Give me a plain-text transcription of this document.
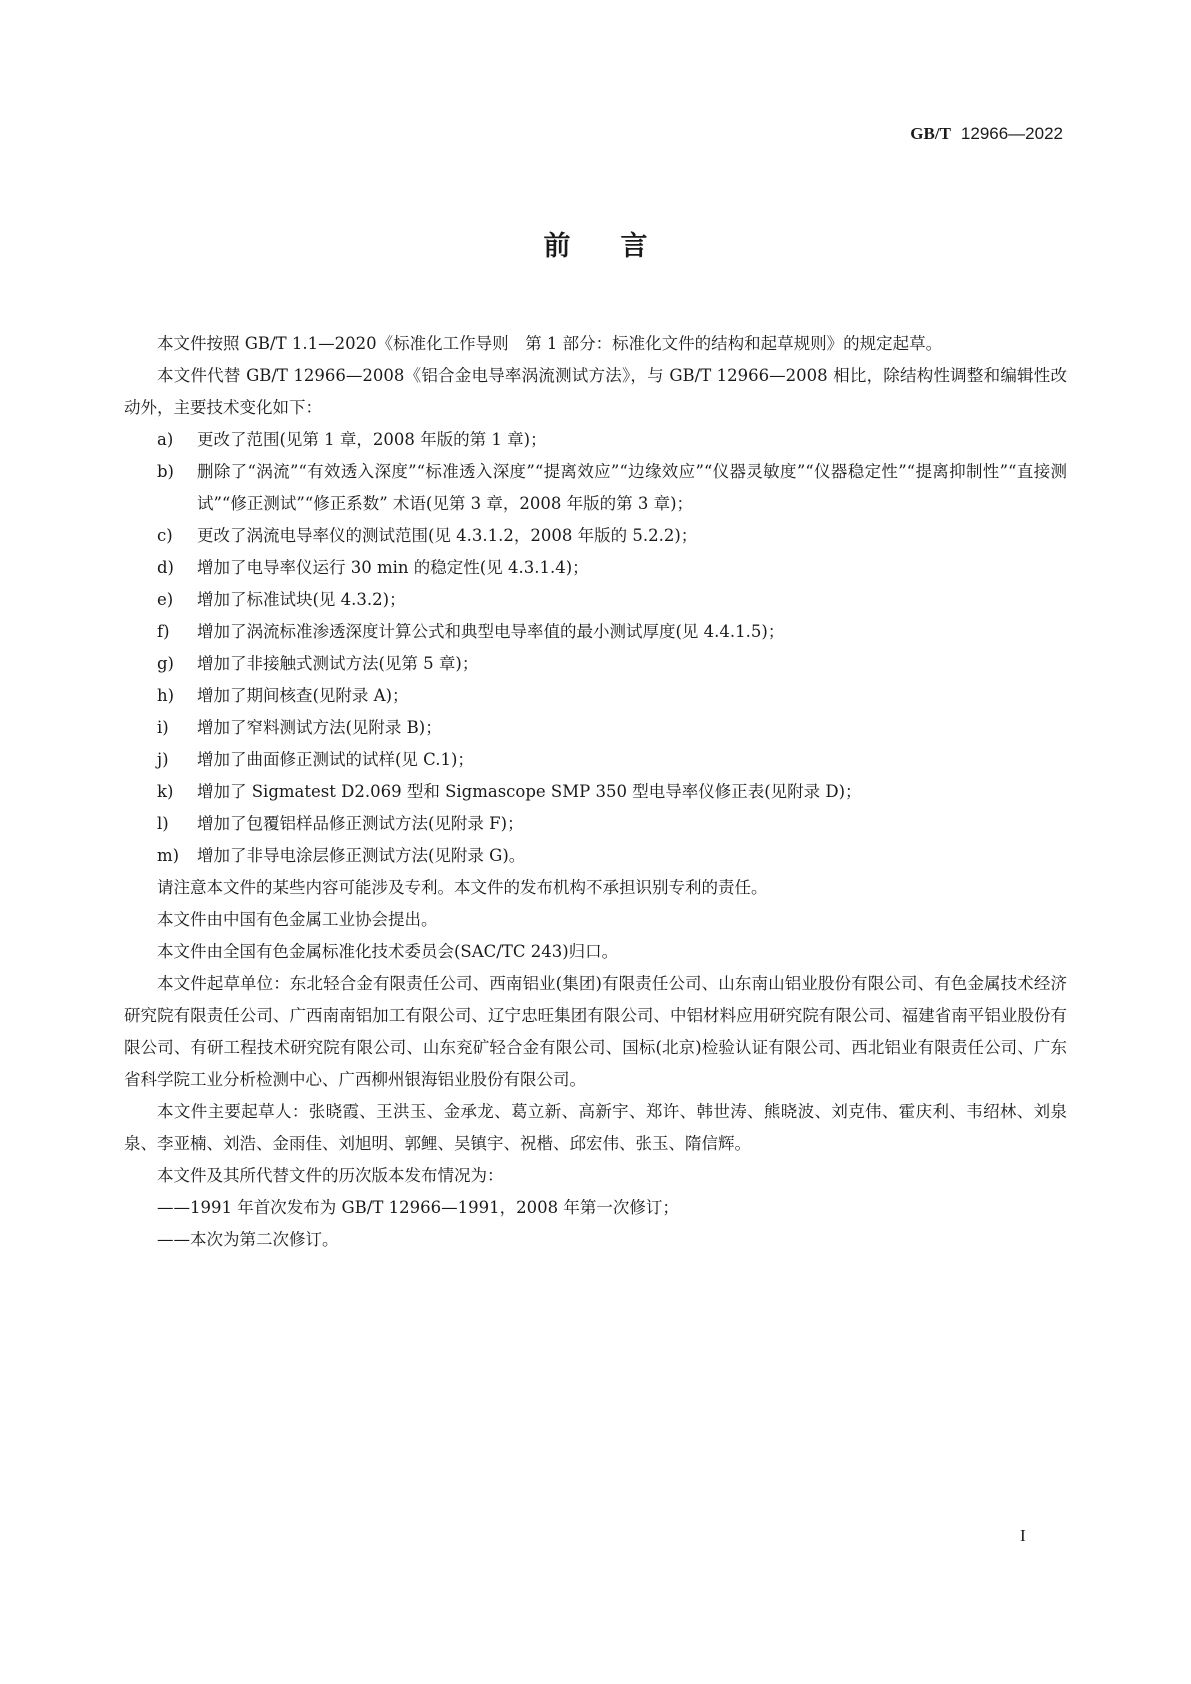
GB/T 12966—2022
前言

本文件按照 GB/T 1.1—2020《标准化工作导则　第 1 部分：标准化文件的结构和起草规则》的规定起草。

本文件代替 GB/T 12966—2008《铝合金电导率涡流测试方法》，与 GB/T 12966—2008 相比，除结构性调整和编辑性改动外，主要技术变化如下：

a)	更改了范围(见第 1 章，2008 年版的第 1 章)；
b)	删除了“涡流”“有效透入深度”“标准透入深度”“提离效应”“边缘效应”“仪器灵敏度”“仪器稳定性”“提离抑制性”“直接测试”“修正测试”“修正系数” 术语(见第 3 章，2008 年版的第 3 章)；
c)	更改了涡流电导率仪的测试范围(见 4.3.1.2，2008 年版的 5.2.2)；
d)	增加了电导率仪运行 30 min 的稳定性(见 4.3.1.4)；
e)	增加了标准试块(见 4.3.2)；
f)	增加了涡流标准渗透深度计算公式和典型电导率值的最小测试厚度(见 4.4.1.5)；
g)	增加了非接触式测试方法(见第 5 章)；
h)	增加了期间核查(见附录 A)；
i)	增加了窄料测试方法(见附录 B)；
j)	增加了曲面修正测试的试样(见 C.1)；
k)	增加了 Sigmatest D2.069 型和 Sigmascope SMP 350 型电导率仪修正表(见附录 D)；
l)	增加了包覆铝样品修正测试方法(见附录 F)；
m)	增加了非导电涂层修正测试方法(见附录 G)。

请注意本文件的某些内容可能涉及专利。本文件的发布机构不承担识别专利的责任。

本文件由中国有色金属工业协会提出。

本文件由全国有色金属标准化技术委员会(SAC/TC 243)归口。

本文件起草单位：东北轻合金有限责任公司、西南铝业(集团)有限责任公司、山东南山铝业股份有限公司、有色金属技术经济研究院有限责任公司、广西南南铝加工有限公司、辽宁忠旺集团有限公司、中铝材料应用研究院有限公司、福建省南平铝业股份有限公司、有研工程技术研究院有限公司、山东兖矿轻合金有限公司、国标(北京)检验认证有限公司、西北铝业有限责任公司、广东省科学院工业分析检测中心、广西柳州银海铝业股份有限公司。

本文件主要起草人：张晓霞、王洪玉、金承龙、葛立新、高新宇、郑许、韩世涛、熊晓波、刘克伟、霍庆利、韦绍林、刘泉泉、李亚楠、刘浩、金雨佳、刘旭明、郭鲤、吴镇宇、祝楷、邱宏伟、张玉、隋信辉。

本文件及其所代替文件的历次版本发布情况为：

——1991 年首次发布为 GB/T 12966—1991，2008 年第一次修订；

——本次为第二次修订。

I
